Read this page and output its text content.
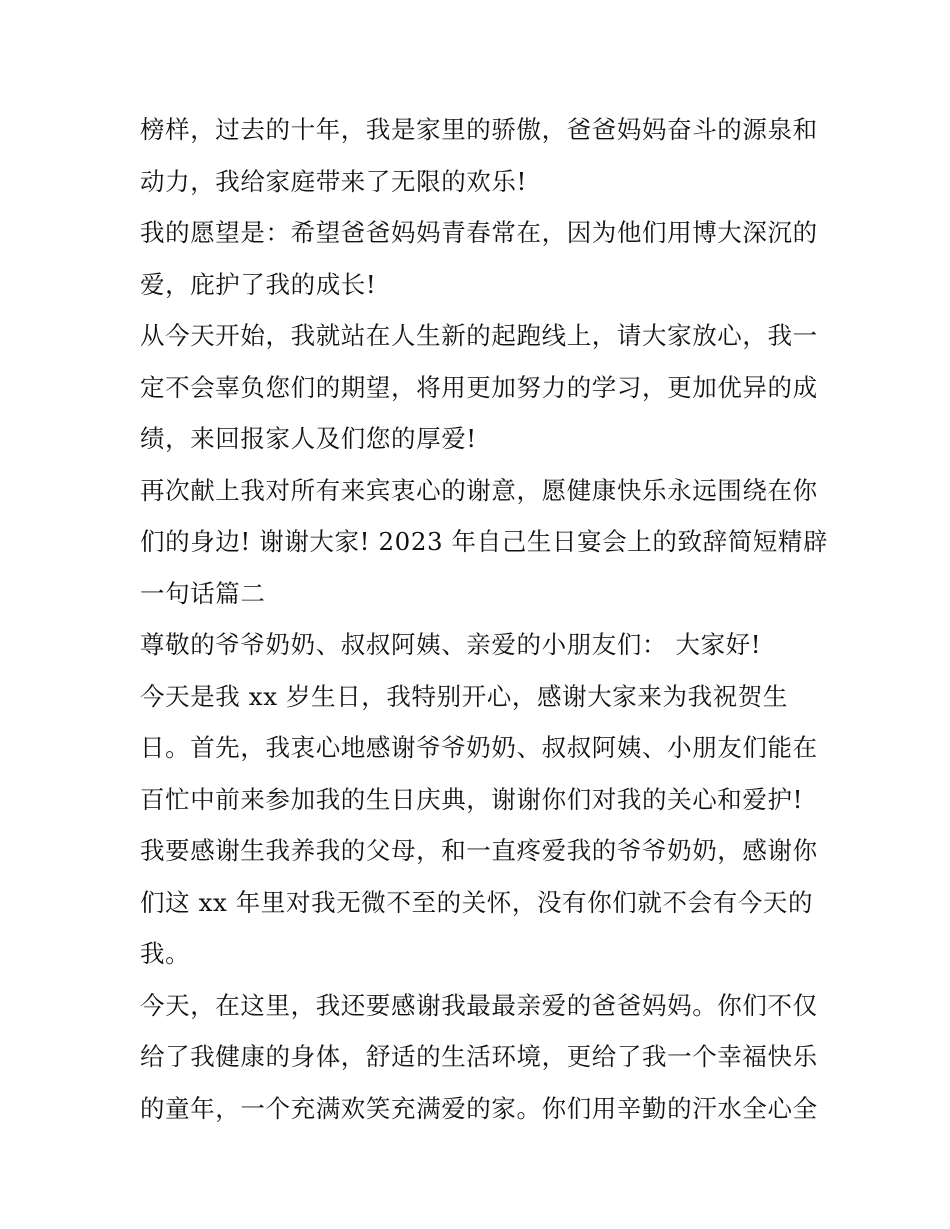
榜样，过去的十年，我是家里的骄傲，爸爸妈妈奋斗的源泉和
动力，我给家庭带来了无限的欢乐!
我的愿望是：希望爸爸妈妈青春常在，因为他们用博大深沉的
爱，庇护了我的成长!
从今天开始，我就站在人生新的起跑线上，请大家放心，我一
定不会辜负您们的期望，将用更加努力的学习，更加优异的成
绩，来回报家人及们您的厚爱!
再次献上我对所有来宾衷心的谢意，愿健康快乐永远围绕在你
们的身边! 谢谢大家! 2023 年自己生日宴会上的致辞简短精辟
一句话篇二
尊敬的爷爷奶奶、叔叔阿姨、亲爱的小朋友们： 大家好!
今天是我 xx 岁生日，我特别开心，感谢大家来为我祝贺生
日。首先，我衷心地感谢爷爷奶奶、叔叔阿姨、小朋友们能在
百忙中前来参加我的生日庆典，谢谢你们对我的关心和爱护!
我要感谢生我养我的父母，和一直疼爱我的爷爷奶奶，感谢你
们这 xx 年里对我无微不至的关怀，没有你们就不会有今天的
我。
今天，在这里，我还要感谢我最最亲爱的爸爸妈妈。你们不仅
给了我健康的身体，舒适的生活环境，更给了我一个幸福快乐
的童年，一个充满欢笑充满爱的家。你们用辛勤的汗水全心全
